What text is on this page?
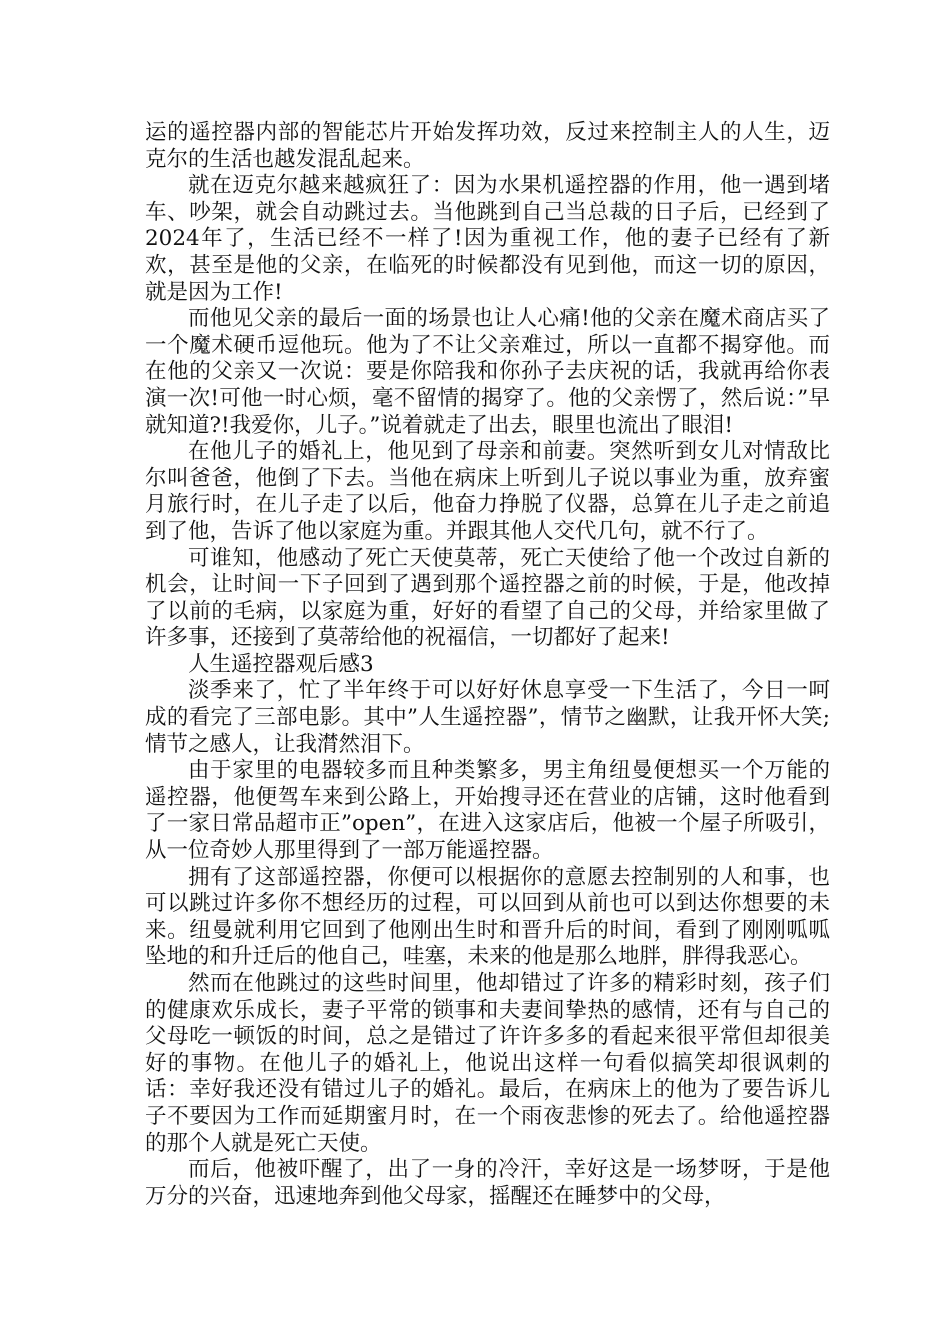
运的遥控器内部的智能芯片开始发挥功效，反过来控制主人的人生，迈克尔的生活也越发混乱起来。

就在迈克尔越来越疯狂了：因为水果机遥控器的作用，他一遇到堵车、吵架，就会自动跳过去。当他跳到自己当总裁的日子后，已经到了2024年了，生活已经不一样了!因为重视工作，他的妻子已经有了新欢，甚至是他的父亲，在临死的时候都没有见到他，而这一切的原因，就是因为工作!

而他见父亲的最后一面的场景也让人心痛!他的父亲在魔术商店买了一个魔术硬币逗他玩。他为了不让父亲难过，所以一直都不揭穿他。而在他的父亲又一次说：要是你陪我和你孙子去庆祝的话，我就再给你表演一次!可他一时心烦，毫不留情的揭穿了。他的父亲愣了，然后说：”早就知道?!我爱你，儿子。”说着就走了出去，眼里也流出了眼泪!

在他儿子的婚礼上，他见到了母亲和前妻。突然听到女儿对情敌比尔叫爸爸，他倒了下去。当他在病床上听到儿子说以事业为重，放弃蜜月旅行时，在儿子走了以后，他奋力挣脱了仪器，总算在儿子走之前追到了他，告诉了他以家庭为重。并跟其他人交代几句，就不行了。

可谁知，他感动了死亡天使莫蒂，死亡天使给了他一个改过自新的机会，让时间一下子回到了遇到那个遥控器之前的时候，于是，他改掉了以前的毛病，以家庭为重，好好的看望了自己的父母，并给家里做了许多事，还接到了莫蒂给他的祝福信，一切都好了起来!

人生遥控器观后感3

淡季来了，忙了半年终于可以好好休息享受一下生活了，今日一呵成的看完了三部电影。其中”人生遥控器”，情节之幽默，让我开怀大笑;情节之感人，让我潸然泪下。

由于家里的电器较多而且种类繁多，男主角纽曼便想买一个万能的遥控器，他便驾车来到公路上，开始搜寻还在营业的店铺，这时他看到了一家日常品超市正”open”，在进入这家店后，他被一个屋子所吸引，从一位奇妙人那里得到了一部万能遥控器。

拥有了这部遥控器，你便可以根据你的意愿去控制别的人和事，也可以跳过许多你不想经历的过程，可以回到从前也可以到达你想要的未来。纽曼就利用它回到了他刚出生时和晋升后的时间，看到了刚刚呱呱坠地的和升迁后的他自己，哇塞，未来的他是那么地胖，胖得我恶心。

然而在他跳过的这些时间里，他却错过了许多的精彩时刻，孩子们的健康欢乐成长，妻子平常的锁事和夫妻间挚热的感情，还有与自己的父母吃一顿饭的时间，总之是错过了许许多多的看起来很平常但却很美好的事物。在他儿子的婚礼上，他说出这样一句看似搞笑却很讽刺的话：幸好我还没有错过儿子的婚礼。最后，在病床上的他为了要告诉儿子不要因为工作而延期蜜月时，在一个雨夜悲惨的死去了。给他遥控器的那个人就是死亡天使。

而后，他被吓醒了，出了一身的冷汗，幸好这是一场梦呀，于是他万分的兴奋，迅速地奔到他父母家，摇醒还在睡梦中的父母，
